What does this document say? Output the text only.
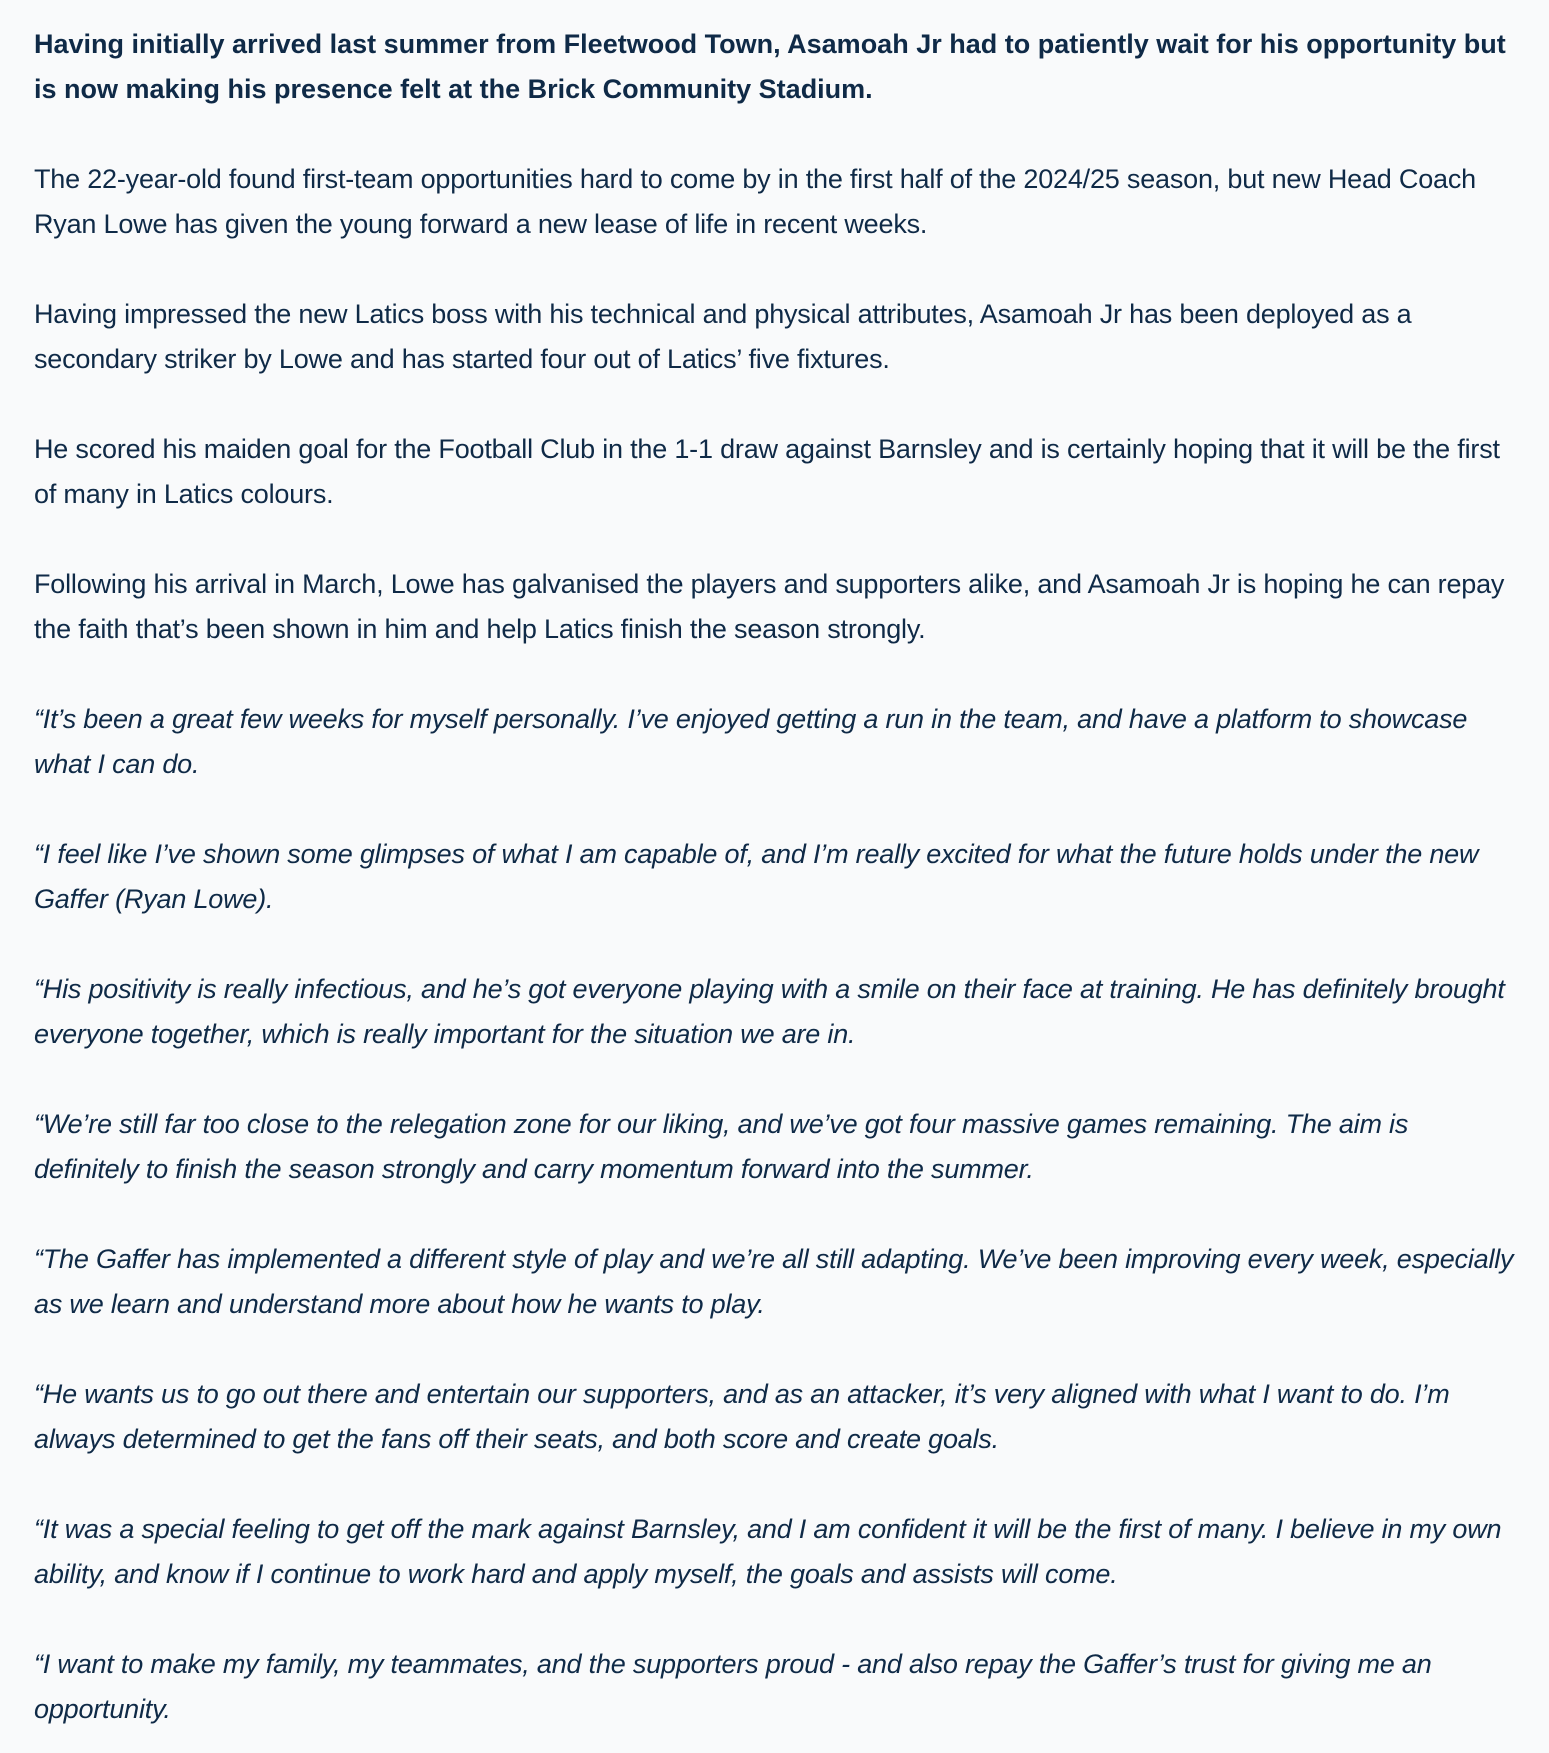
Having initially arrived last summer from Fleetwood Town, Asamoah Jr had to patiently wait for his opportunity but is now making his presence felt at the Brick Community Stadium.

The 22-year-old found first-team opportunities hard to come by in the first half of the 2024/25 season, but new Head Coach Ryan Lowe has given the young forward a new lease of life in recent weeks.

Having impressed the new Latics boss with his technical and physical attributes, Asamoah Jr has been deployed as a secondary striker by Lowe and has started four out of Latics’ five fixtures.

He scored his maiden goal for the Football Club in the 1-1 draw against Barnsley and is certainly hoping that it will be the first of many in Latics colours.

Following his arrival in March, Lowe has galvanised the players and supporters alike, and Asamoah Jr is hoping he can repay the faith that’s been shown in him and help Latics finish the season strongly.

“It’s been a great few weeks for myself personally. I’ve enjoyed getting a run in the team, and have a platform to showcase what I can do.

“I feel like I’ve shown some glimpses of what I am capable of, and I’m really excited for what the future holds under the new Gaffer (Ryan Lowe).

“His positivity is really infectious, and he’s got everyone playing with a smile on their face at training. He has definitely brought everyone together, which is really important for the situation we are in.

“We’re still far too close to the relegation zone for our liking, and we’ve got four massive games remaining. The aim is definitely to finish the season strongly and carry momentum forward into the summer.

“The Gaffer has implemented a different style of play and we’re all still adapting. We’ve been improving every week, especially as we learn and understand more about how he wants to play.

“He wants us to go out there and entertain our supporters, and as an attacker, it’s very aligned with what I want to do. I’m always determined to get the fans off their seats, and both score and create goals.

“It was a special feeling to get off the mark against Barnsley, and I am confident it will be the first of many. I believe in my own ability, and know if I continue to work hard and apply myself, the goals and assists will come.

“I want to make my family, my teammates, and the supporters proud - and also repay the Gaffer’s trust for giving me an opportunity.
